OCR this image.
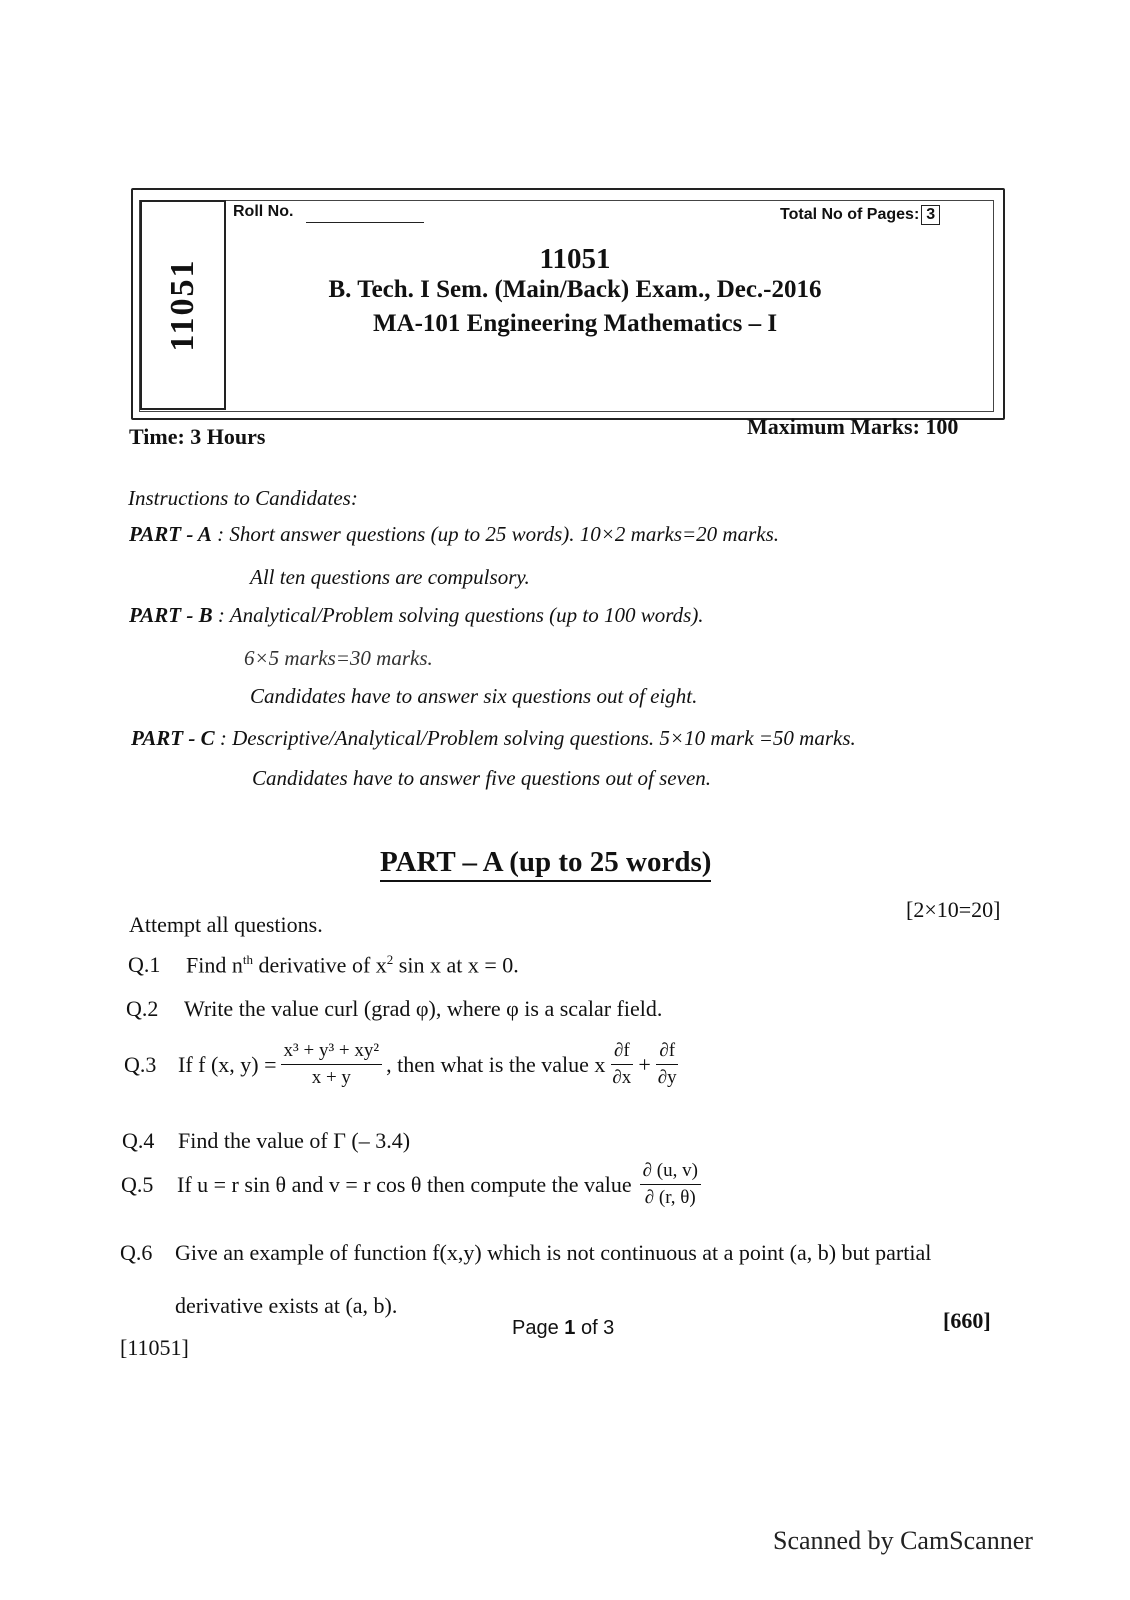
11051
Roll No.	Total No of Pages: 3
11051
B. Tech. I Sem. (Main/Back) Exam., Dec.-2016
MA-101 Engineering Mathematics – I
Time: 3 Hours	Maximum Marks: 100
Instructions to Candidates:
PART - A : Short answer questions (up to 25 words). 10×2 marks=20 marks.
All ten questions are compulsory.
PART - B : Analytical/Problem solving questions (up to 100 words).
6×5 marks=30 marks.
Candidates have to answer six questions out of eight.
PART - C : Descriptive/Analytical/Problem solving questions. 5×10 mark =50 marks.
Candidates have to answer five questions out of seven.
PART – A (up to 25 words)
Attempt all questions.
[2×10=20]
Q.1 Find $n^{th}$ derivative of $x^2$ sin x at x = 0.
Q.2 Write the value curl (grad φ), where φ is a scalar field.
Q.3 If f (x, $y) = \frac{\text{x³ + y³ + xy²}}{x + y}$ , then what is the value x $\frac{\partial f}{\partial x} + \frac{\partial f}{\partial y}$
Q.4 Find the value of Γ (– 3.4)
Q.5	If u = r sin θ and v = r cos θ then compute the value $\frac{\partial (u, v)}{\partial (r, \theta)}$
Q.6 Give an example of function f(x,y) which is not continuous at a point (a, b) but partial
derivative exists at (a, b).
Page 1 of 3
[11051]
[660]
Scanned by CamScanner
